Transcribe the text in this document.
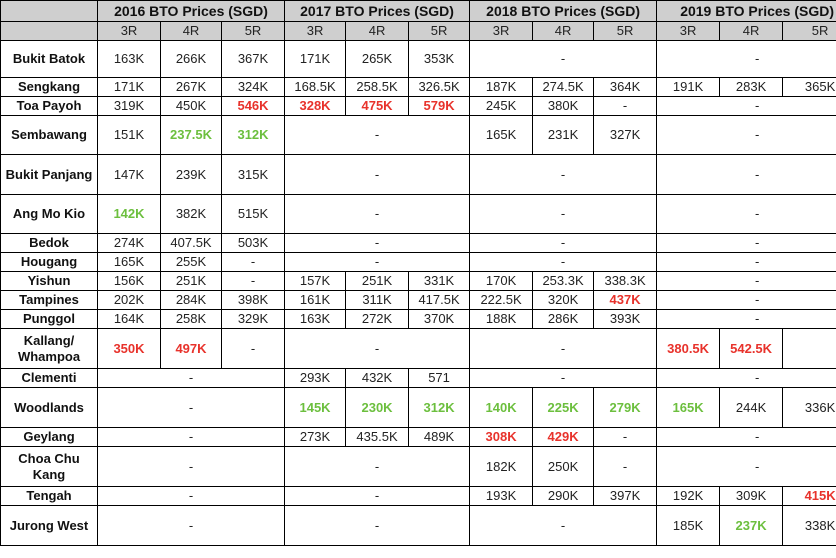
	2016 BTO Prices (SGD)			2017 BTO Prices (SGD)			2018 BTO Prices (SGD)			2019 BTO Prices (SGD)		
	3R	4R	5R	3R	4R	5R	3R	4R	5R	3R	4R	5R
Bukit Batok	163K	266K	367K	171K	265K	353K	-			-		
Sengkang	171K	267K	324K	168.5K	258.5K	326.5K	187K	274.5K	364K	191K	283K	365K
Toa Payoh	319K	450K	546K	328K	475K	579K	245K	380K	-	-		
Sembawang	151K	237.5K	312K	-			165K	231K	327K	-		
Bukit Panjang	147K	239K	315K	-			-			-		
Ang Mo Kio	142K	382K	515K	-			-			-		
Bedok	274K	407.5K	503K	-			-			-		
Hougang	165K	255K	-	-			-			-		
Yishun	156K	251K	-	157K	251K	331K	170K	253.3K	338.3K	-		
Tampines	202K	284K	398K	161K	311K	417.5K	222.5K	320K	437K	-		
Punggol	164K	258K	329K	163K	272K	370K	188K	286K	393K	-		
Kallang/ Whampoa	350K	497K	-	-			-			380.5K	542.5K	
Clementi	-			293K	432K	571	-			-		
Woodlands	-			145K	230K	312K	140K	225K	279K	165K	244K	336K
Geylang	-			273K	435.5K	489K	308K	429K	-	-		
Choa Chu Kang	-			-			182K	250K	-	-		
Tengah	-			-			193K	290K	397K	192K	309K	415K
Jurong West	-			-			-			185K	237K	338K
